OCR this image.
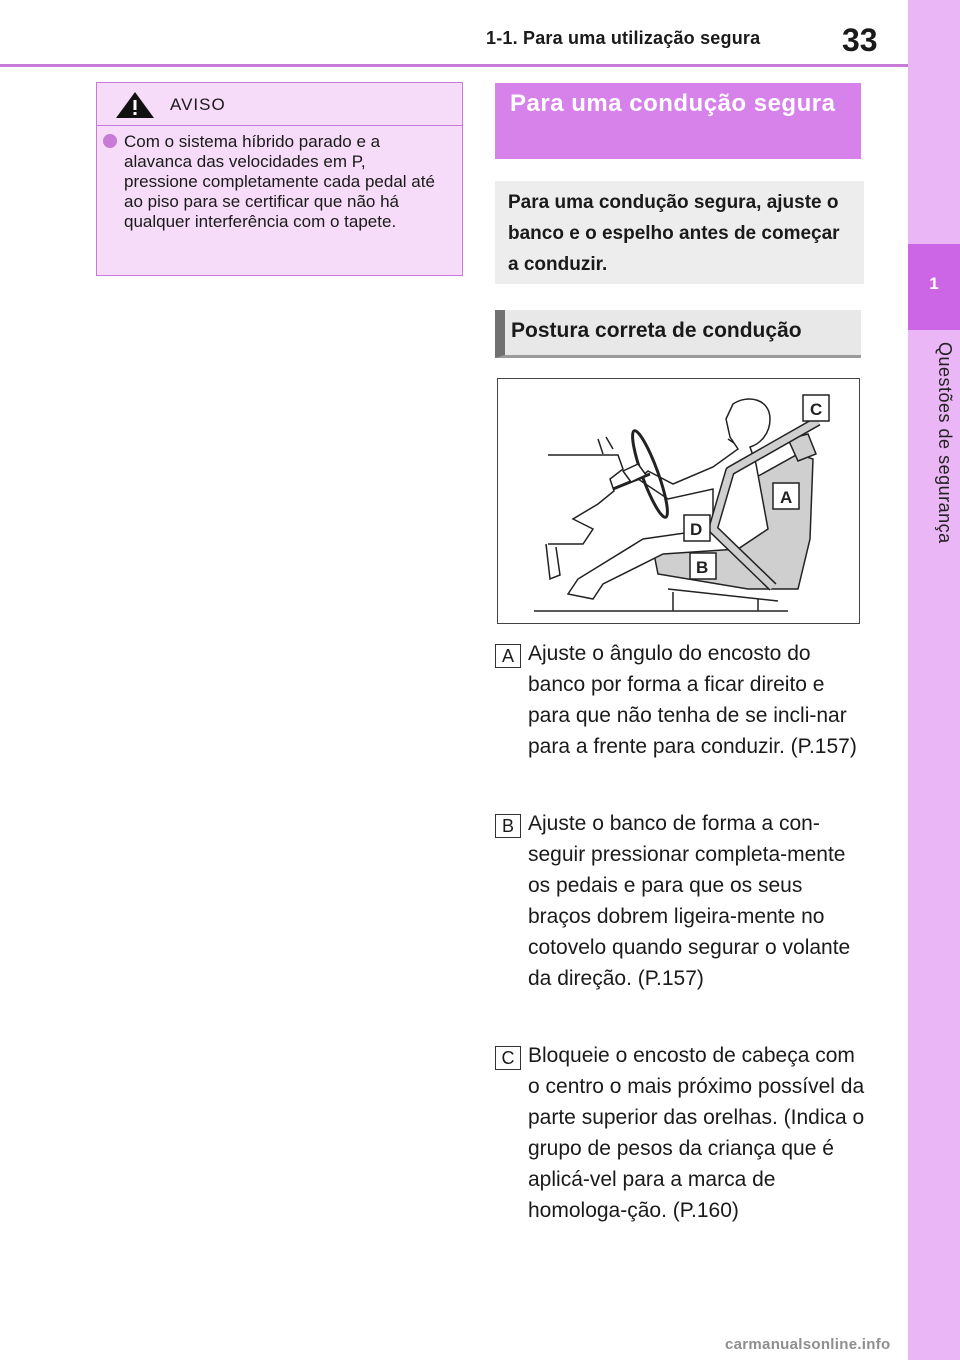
1-1. Para uma utilização segura	33
1
Questões de segurança
AVISO
Com o sistema híbrido parado e a alavanca das velocidades em P, pressione completamente cada pedal até ao piso para se certificar que não há qualquer interferência com o tapete.
Para uma condução segura
Para uma condução segura, ajuste o banco e o espelho antes de começar a conduzir.
Postura correta de condução
C
A
D
B
A Ajuste o ângulo do encosto do banco por forma a ficar direito e para que não tenha de se incli-nar para a frente para conduzir. (P.157)
B Ajuste o banco de forma a con-seguir pressionar completa-mente os pedais e para que os seus braços dobrem ligeira-mente no cotovelo quando segurar o volante da direção. (P.157)
C Bloqueie o encosto de cabeça com o centro o mais próximo possível da parte superior das orelhas. (Indica o grupo de pesos da criança que é aplicá-vel para a marca de homologa-ção. (P.160)
carmanualsonline.info
